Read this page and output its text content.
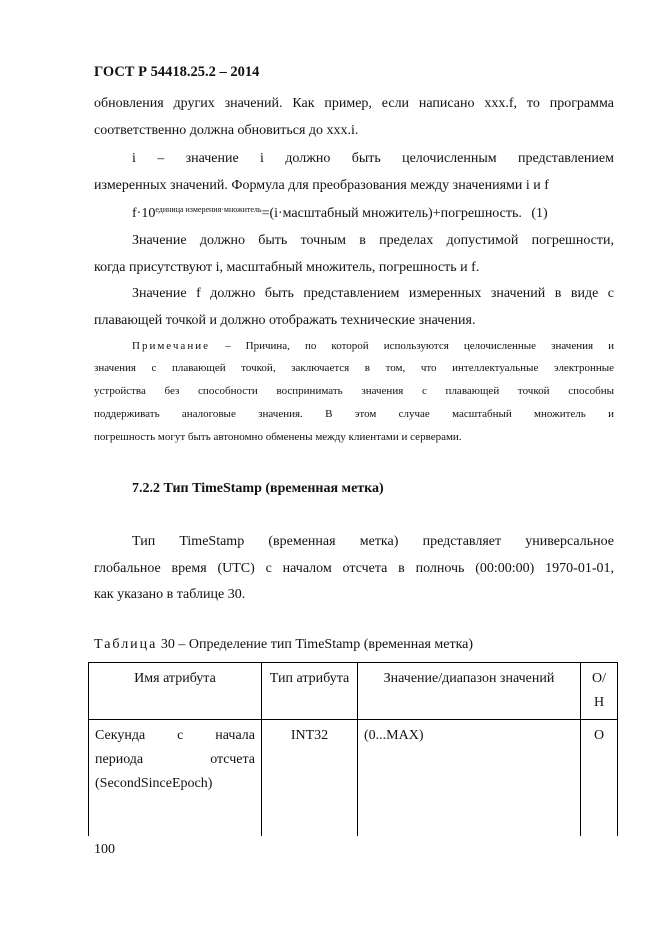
ГОСТ Р 54418.25.2 – 2014
обновления других значений. Как пример, если написано xxx.f, то программа
соответственно должна обновиться до xxx.i.
i – значение i должно быть целочисленным представлением
измеренных значений. Формула для преобразования между значениями i и f
$f\cdot 10^{единица измерения\cdot множитель}=(i\cdot масштабный$ множитель)+погрешность. (1)
Значение должно быть точным в пределах допустимой погрешности,
когда присутствуют i, масштабный множитель, погрешность и f.
Значение f должно быть представлением измеренных значений в виде с
плавающей точкой и должно отображать технические значения.
Примечание – Причина, по которой используются целочисленные значения и
значения с плавающей точкой, заключается в том, что интеллектуальные электронные
устройства без способности воспринимать значения с плавающей точкой способны
поддерживать аналоговые значения. В этом случае масштабный множитель и
погрешность могут быть автономно обменены между клиентами и серверами.
7.2.2 Тип TimeStamp (временная метка)
Тип TimeStamp (временная метка) представляет универсальное
глобальное время (UTC) с началом отсчета в полночь (00:00:00) 1970-01-01,
как указано в таблице 30.
Таблица 30 – Определение тип TimeStamp (временная метка)
Имя атрибута	Тип атрибута	Значение/диапазон значений	О/Н

Секунда с начала
периода отсчета
(SecondSinceEpoch)	INT32	(0...MAX)	О
100
